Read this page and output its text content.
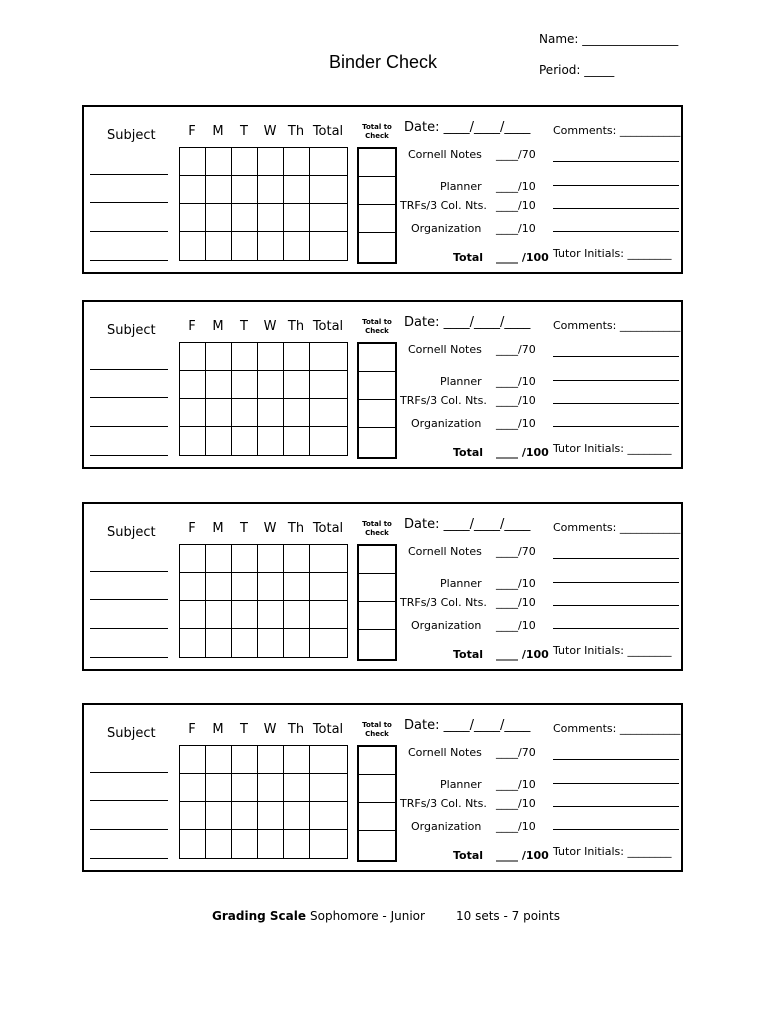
Name: ________________
Period: _____
Binder Check
Subject	F	M	T	W Th Total

						Total to Check
Date: ____/____/____
Cornell Notes ____/70
Planner ____/10
TRFs/3 Col. Nts. ____/10
Organization ____/10
Total ____ /100
Comments: ___________
Tutor Initials: ________
Subject	F	M	T	W Th Total

						Total to Check
Date: ____/____/____
Cornell Notes ____/70
Planner ____/10
TRFs/3 Col. Nts. ____/10
Organization ____/10
Total ____ /100
Comments: ___________
Tutor Initials: ________
Subject	F	M	T	W Th Total

						Total to Check
Date: ____/____/____
Cornell Notes ____/70
Planner ____/10
TRFs/3 Col. Nts. ____/10
Organization ____/10
Total ____ /100
Comments: ___________
Tutor Initials: ________
Subject	F	M	T	W Th Total

						Total to Check
Date: ____/____/____
Cornell Notes ____/70
Planner ____/10
TRFs/3 Col. Nts. ____/10
Organization ____/10
Total ____ /100
Comments: ___________
Tutor Initials: ________
Grading Scale Sophomore - Junior	10 sets - 7 points
